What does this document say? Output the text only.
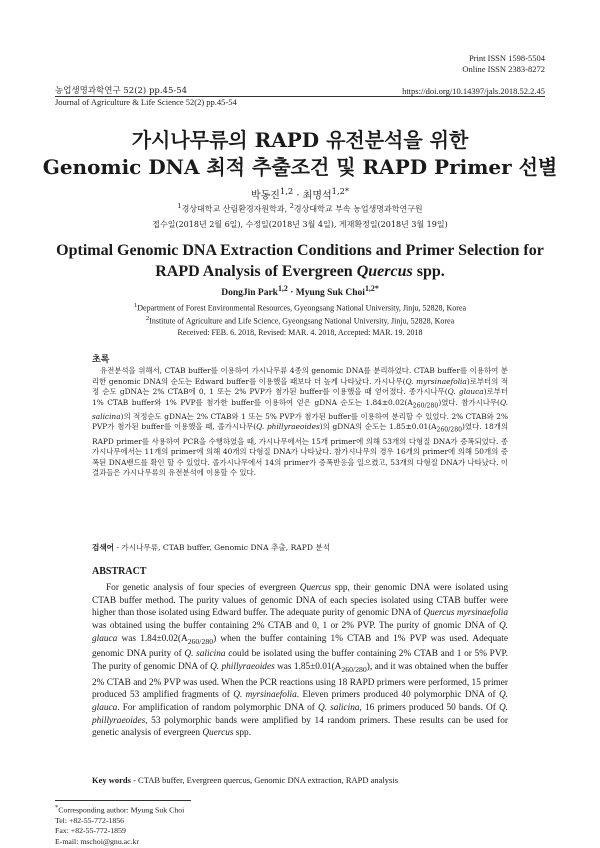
Print ISSN 1598-5504
Online ISSN 2383-8272
농업생명과학연구 52(2) pp.45-54
Journal of Agriculture & Life Science 52(2) pp.45-54
https://doi.org/10.14397/jals.2018.52.2.45
가시나무류의 RAPD 유전분석을 위한
Genomic DNA 최적 추출조건 및 RAPD Primer 선별
박동진$^{1,2}$ · 최명석$^{1,2*}$
$^1$경상대학교 산림환경자원학과, $^2$경상대학교 부속 농업생명과학연구원
접수일(2018년 2월 6일), 수정일(2018년 3월 4일), 게재확정일(2018년 3월 19일)
Optimal Genomic DNA Extraction Conditions and Primer Selection for
RAPD Analysis of Evergreen Quercus spp.
DongJin Park$^{1,2}$ · Myung Suk Choi$^{1,2*}$
$^1$Department of Forest Environmental Resources, Gyeongsang National University, Jinju, 52828, Korea
$^2$Institute of Agriculture and Life Science, Gyeongsang National University, Jinju, 52828, Korea
Received: FEB. 6. 2018, Revised: MAR. 4. 2018, Accepted: MAR. 19. 2018
초록

유전분석을 위해서, CTAB buffer를 이용하여 가시나무류 4종의 genomic DNA를 분리하였다. CTAB buffer를 이용하여 분리한 genomic DNA의 순도는 Edward buffer를 이용했을 때보다 더 높게 나타났다. 가시나무(Q. myrsinaefolia)로부터의 적정 순도 gDNA는 2% CTAB에 0, 1 또는 2% PVP가 첨가된 buffer를 이용했을 때 얻어졌다. 종가시나무(Q. glauca)로부터 1% CTAB buffer와 1% PVP를 첨가한 buffer를 이용하여 얻은 gDNA 순도는 $1.84\pm 0.02(A_{260/280})$였다. 참가시나무(Q. salicina)의 적정순도 gDNA는 2% CTAB와 1 또는 5% PVP가 첨가된 buffer를 이용하여 분리할 수 있었다. 2% CTAB와 2% PVP가 첨가된 buffer를 이용했을 때, 졸가시나무(Q. phillyraeoides)의 gDNA의 순도는 $1.85\pm 0.01(A_{260/280})$였다. 18개의 RAPD primer를 사용하여 PCR을 수행하였을 때, 가시나무에서는 15개 primer에 의해 53개의 다형질 DNA가 증폭되었다. 종가시나무에서는 11개의 primer에 의해 40개의 다형질 DNA가 나타났다. 참가시나무의 경우 16개의 primer에 의해 50개의 증폭된 DNA밴드를 확인 할 수 있었다. 졸가시나무에서 14의 primer가 증폭반응을 일으켰고, 53개의 다형질 DNA가 나타났다. 이 결과들은 가시나무류의 유전분석에 이용할 수 있다.

검색어 - 가시나무류, CTAB buffer, Genomic DNA 추출, RAPD 분석
ABSTRACT

For genetic analysis of four species of evergreen Quercus spp, their genomic DNA were isolated using CTAB buffer method. The purity values of genomic DNA of each species isolated using CTAB buffer were higher than those isolated using Edward buffer. The adequate purity of genomic DNA of Quercus myrsinaefolia was obtained using the buffer containing 2% CTAB and 0, 1 or 2% PVP. The purity of gnomic DNA of Q. glauca was $1.84\pm 0.02(A_{260/280})$ when the buffer containing 1% CTAB and 1% PVP was used. Adequate genomic DNA purity of Q. salicina could be isolated using the buffer containing 2% CTAB and 1 or 5% PVP. The purity of genomic DNA of Q. phillyraeoides was $1.85\pm 0.01(A_{260/280})$, and it was obtained when the buffer 2% CTAB and 2% PVP was used. When the PCR reactions using 18 RAPD primers were performed, 15 primer produced 53 amplified fragments of Q. myrsinaefolia. Eleven primers produced 40 polymorphic DNA of Q. glauca. For amplification of random polymorphic DNA of Q. salicina, 16 primers produced 50 bands. Of Q. phillyraeoides, 53 polymorphic bands were amplified by 14 random primers. These results can be used for genetic analysis of evergreen Quercus spp.

Key words - CTAB buffer, Evergreen quercus, Genomic DNA extraction, RAPD analysis
*Corresponding author: Myung Suk Choi
Tel: +82-55-772-1856
Fax: +82-55-772-1859
E-mail: mschoi@gnu.ac.kr
